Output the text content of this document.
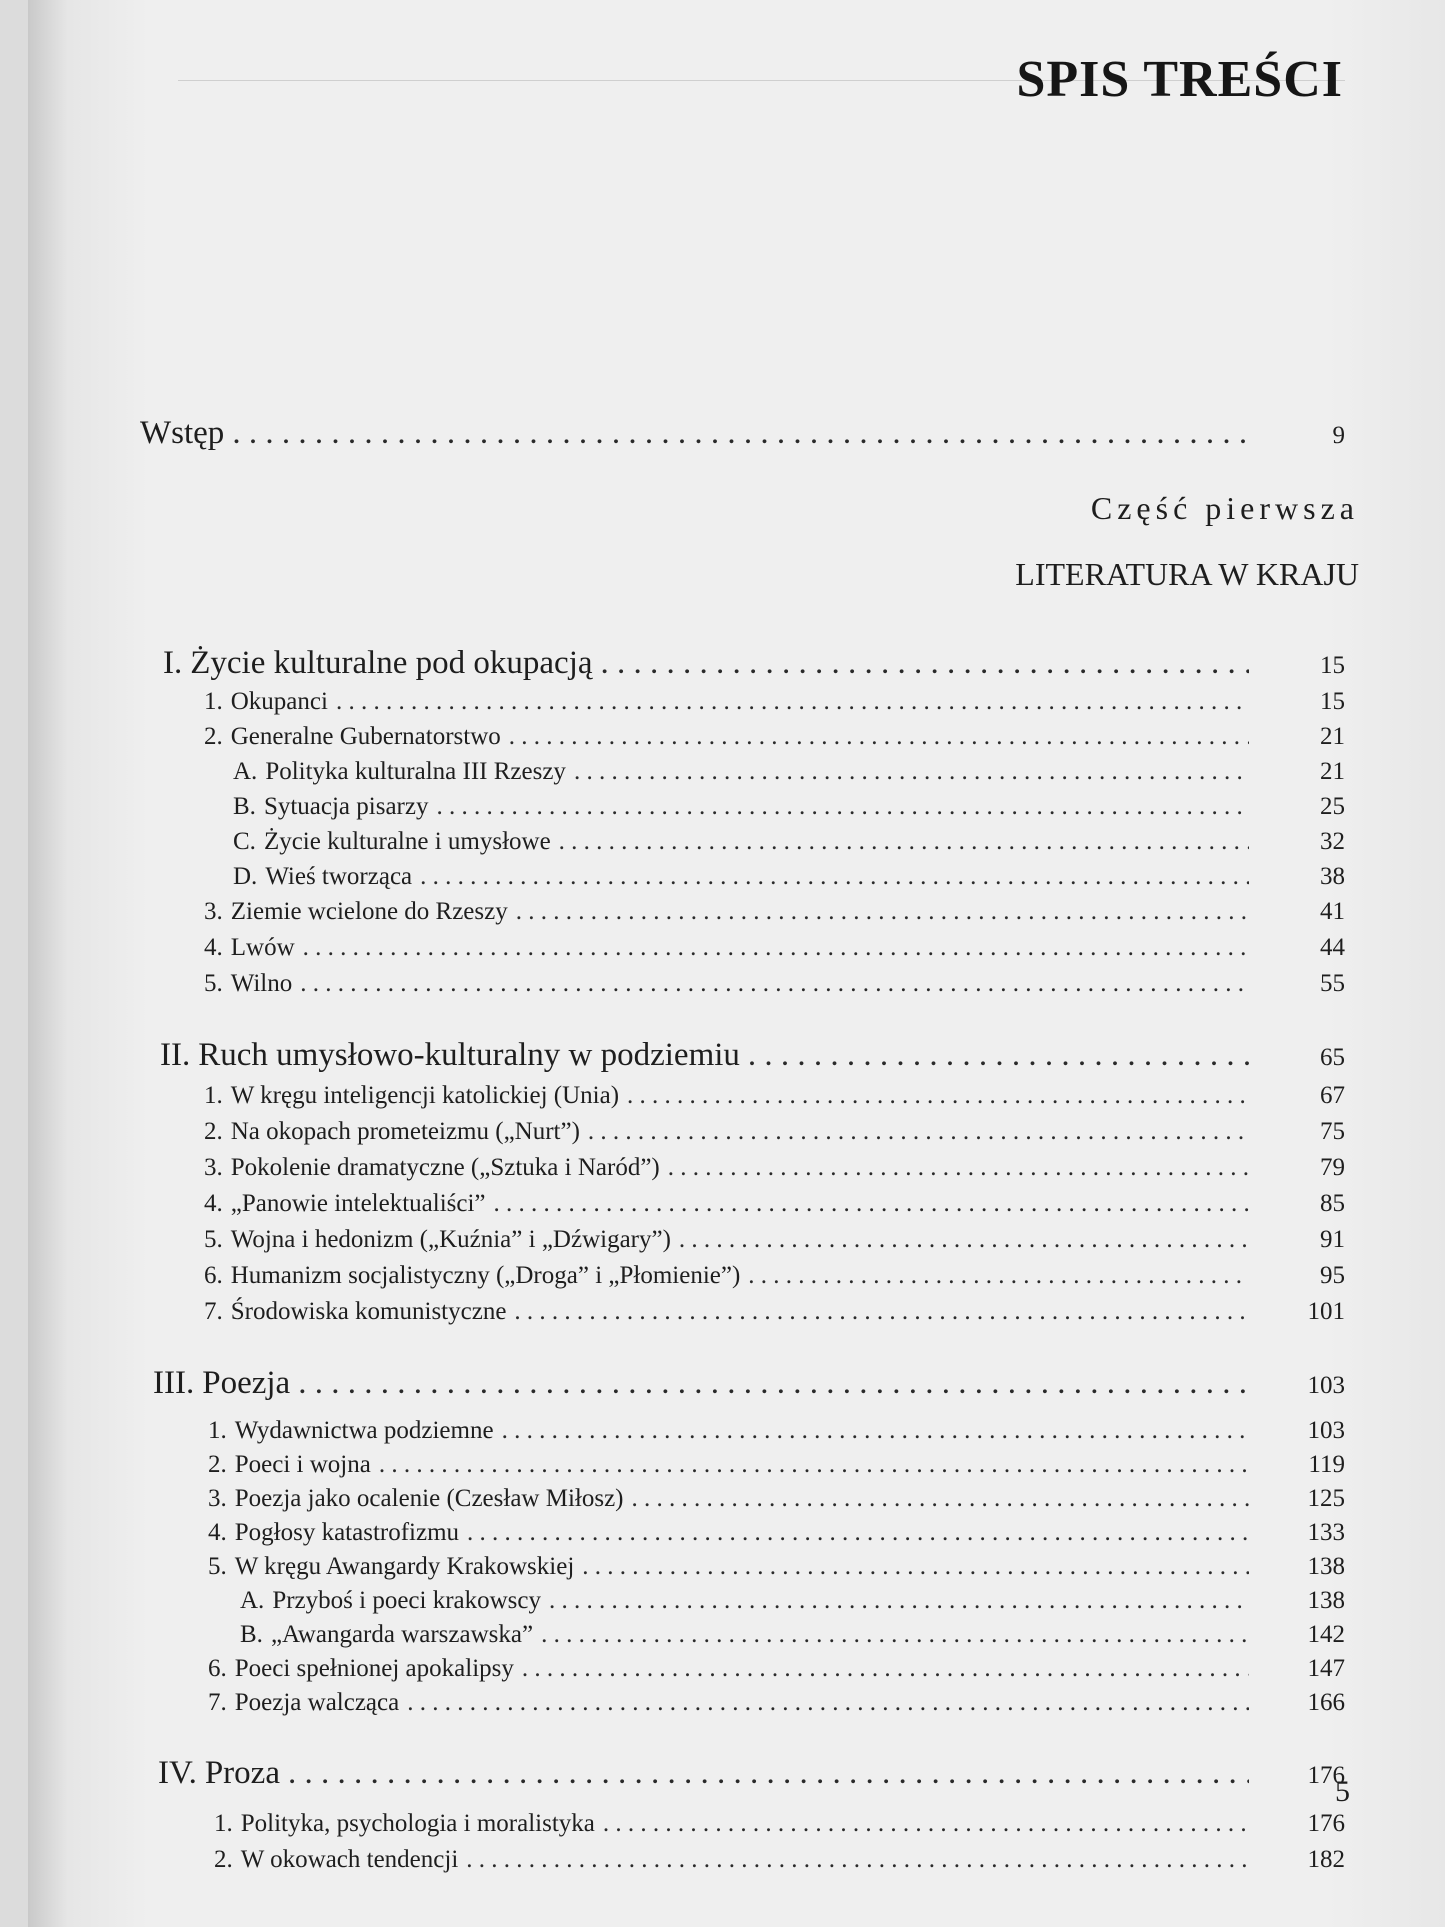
SPIS TREŚCI
Wstęp . . .	9
Część pierwsza
LITERATURA W KRAJU
I. Życie kulturalne pod okupacją . . .	15
1. Okupanci . . .	15
2. Generalne Gubernatorstwo . . .	21
A. Polityka kulturalna III Rzeszy . . .	21
B. Sytuacja pisarzy . . .	25
C. Życie kulturalne i umysłowe . . .	32
D. Wieś tworząca . . .	38
3. Ziemie wcielone do Rzeszy . . .	41
4. Lwów . . .	44
5. Wilno . . .	55
II. Ruch umysłowo-kulturalny w podziemiu . . .	65
1. W kręgu inteligencji katolickiej (Unia) . . .	67
2. Na okopach prometeizmu („Nurt”) . . .	75
3. Pokolenie dramatyczne („Sztuka i Naród”) . . .	79
4. „Panowie intelektualiści” . . .	85
5. Wojna i hedonizm („Kuźnia” i „Dźwigary”) . . .	91
6. Humanizm socjalistyczny („Droga” i „Płomienie”) . . .	95
7. Środowiska komunistyczne . . .	101
III. Poezja . . .	103
1. Wydawnictwa podziemne . . .	103
2. Poeci i wojna . . .	119
3. Poezja jako ocalenie (Czesław Miłosz) . . .	125
4. Pogłosy katastrofizmu . . .	133
5. W kręgu Awangardy Krakowskiej . . .	138
A. Przyboś i poeci krakowscy . . .	138
B. „Awangarda warszawska” . . .	142
6. Poeci spełnionej apokalipsy . . .	147
7. Poezja walcząca . . .	166
IV. Proza . . .	176
1. Polityka, psychologia i moralistyka . . .	176
2. W okowach tendencji . . .	182
5
